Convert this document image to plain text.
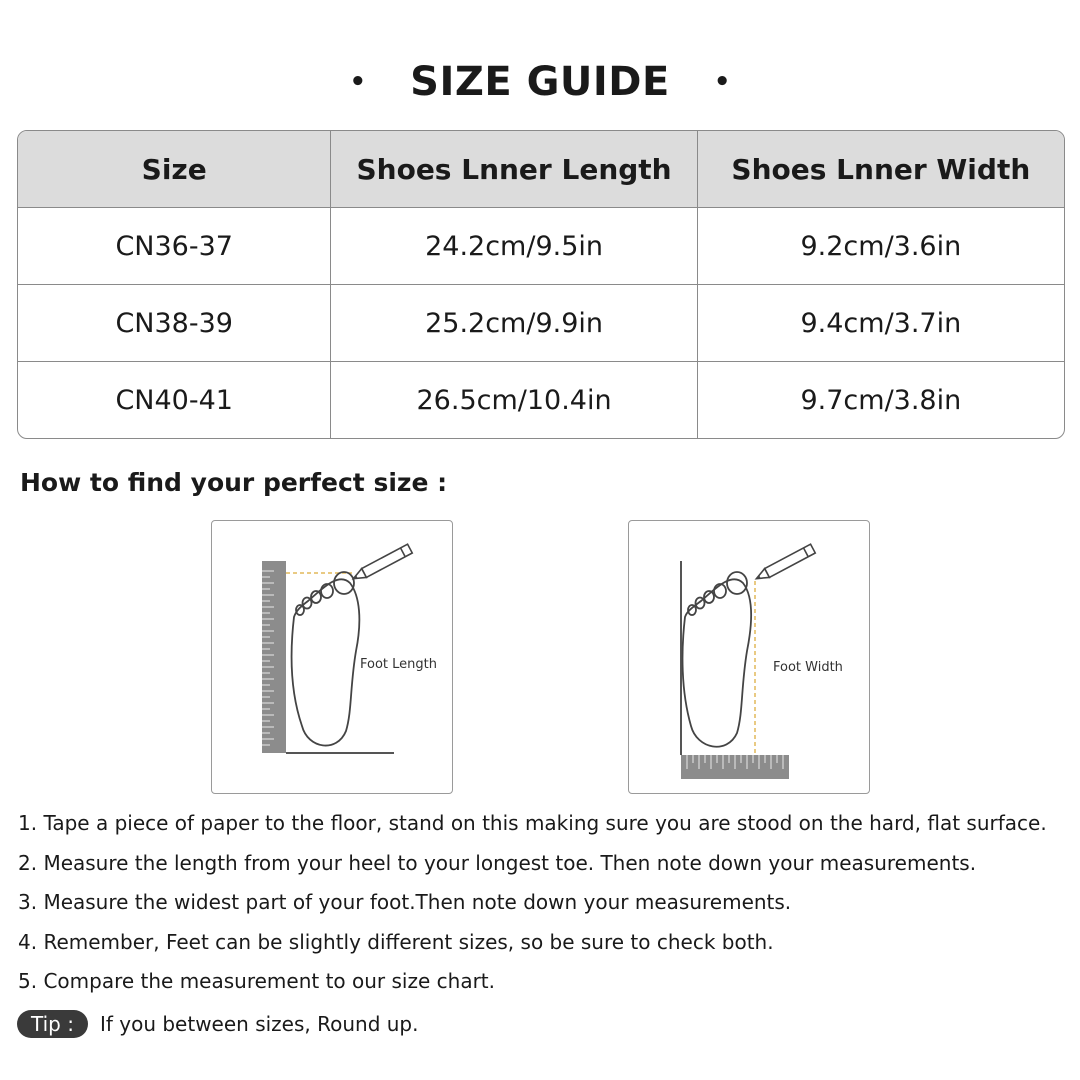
• SIZE GUIDE •
Size	Shoes Lnner Length	Shoes Lnner Width
CN36-37	24.2cm/9.5in	9.2cm/3.6in
CN38-39	25.2cm/9.9in	9.4cm/3.7in
CN40-41	26.5cm/10.4in	9.7cm/3.8in
How to find your perfect size :
Foot Length	Foot Width
1. Tape a piece of paper to the floor, stand on this making sure you are stood on the hard, flat surface.
2. Measure the length from your heel to your longest toe. Then note down your measurements.
3. Measure the widest part of your foot.Then note down your measurements.
4. Remember, Feet can be slightly different sizes, so be sure to check both.
5. Compare the measurement to our size chart.
Tip :	If you between sizes, Round up.
